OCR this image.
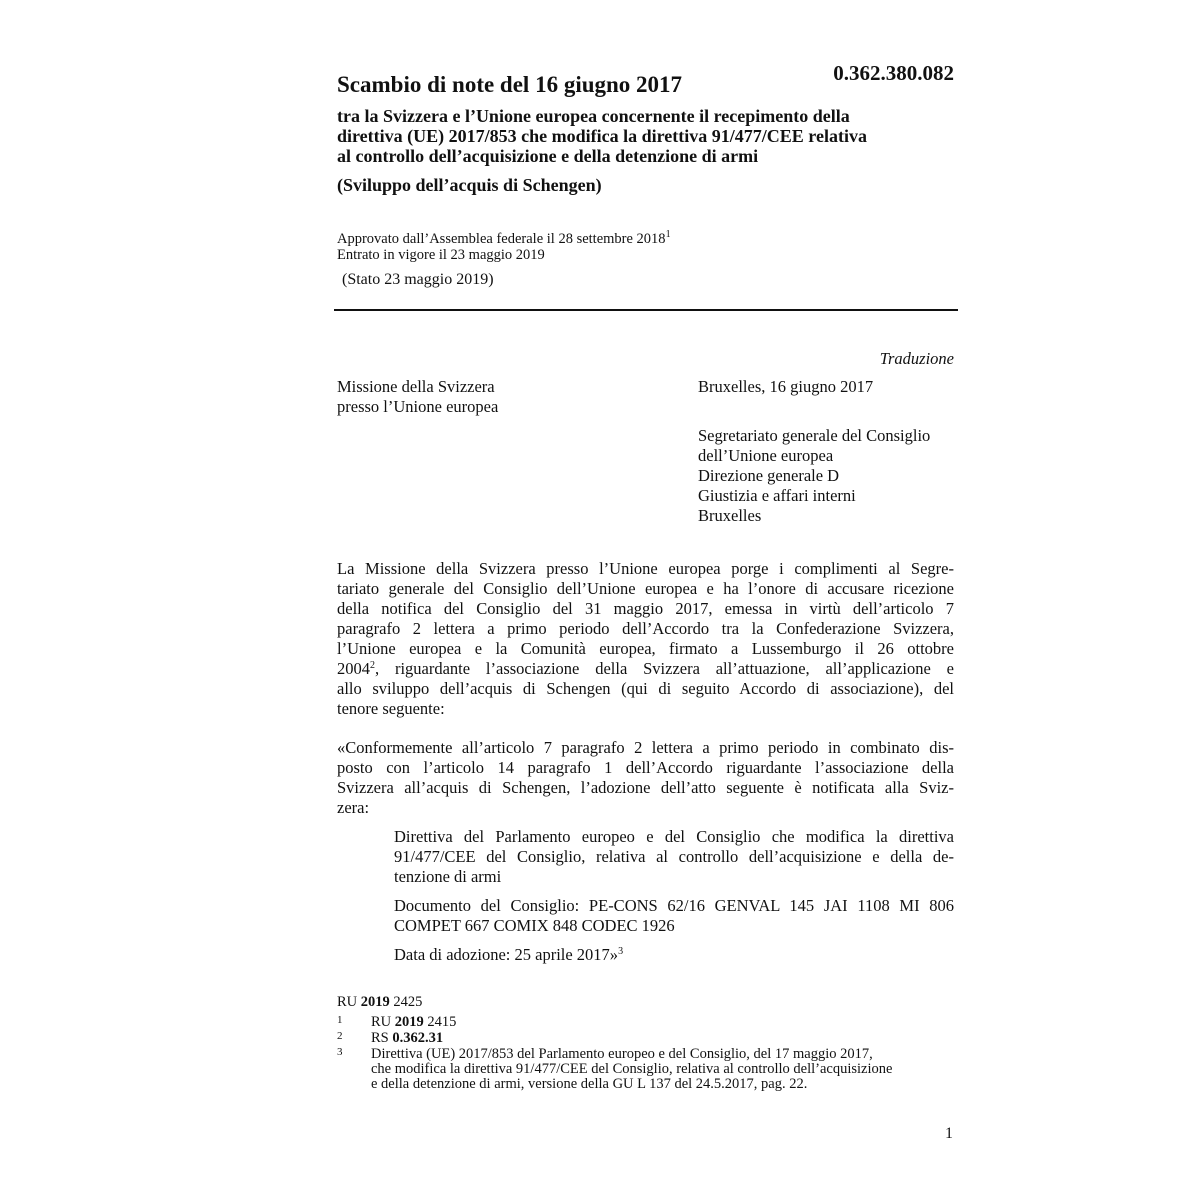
Scambio di note del 16 giugno 2017	0.362.380.082
tra la Svizzera e l’Unione europea concernente il recepimento della
direttiva (UE) 2017/853 che modifica la direttiva 91/477/CEE relativa
al controllo dell’acquisizione e della detenzione di armi
(Sviluppo dell’acquis di Schengen)
Approvato dall’Assemblea federale il 28 settembre 2018$^1$
Entrato in vigore il 23 maggio 2019
(Stato 23 maggio 2019)
Traduzione
Missione della Svizzera
presso l’Unione europea
Bruxelles, 16 giugno 2017
Segretariato generale del Consiglio
dell’Unione europea
Direzione generale D
Giustizia e affari interni
Bruxelles
La Missione della Svizzera presso l’Unione europea porge i complimenti al Segre-
tariato generale del Consiglio dell’Unione europea e ha l’onore di accusare ricezione
della notifica del Consiglio del 31 maggio 2017, emessa in virtù dell’articolo 7
paragrafo 2 lettera a primo periodo dell’Accordo tra la Confederazione Svizzera,
l’Unione europea e la Comunità europea, firmato a Lussemburgo il 26 ottobre
2004$^2$, riguardante l’associazione della Svizzera all’attuazione, all’applicazione e
allo sviluppo dell’acquis di Schengen (qui di seguito Accordo di associazione), del
tenore seguente:
«Conformemente all’articolo 7 paragrafo 2 lettera a primo periodo in combinato dis-
posto con l’articolo 14 paragrafo 1 dell’Accordo riguardante l’associazione della
Svizzera all’acquis di Schengen, l’adozione dell’atto seguente è notificata alla Sviz-
zera:
Direttiva del Parlamento europeo e del Consiglio che modifica la direttiva
91/477/CEE del Consiglio, relativa al controllo dell’acquisizione e della de-
tenzione di armi
Documento del Consiglio: PE-CONS 62/16 GENVAL 145 JAI 1108 MI 806
COMPET 667 COMIX 848 CODEC 1926
Data di adozione: 25 aprile 2017»$^3$
RU 2019 2425
1 RU 2019 2415
2 RS 0.362.31
3 Direttiva (UE) 2017/853 del Parlamento europeo e del Consiglio, del 17 maggio 2017,
che modifica la direttiva 91/477/CEE del Consiglio, relativa al controllo dell’acquisizione
e della detenzione di armi, versione della GU L 137 del 24.5.2017, pag. 22.
1
